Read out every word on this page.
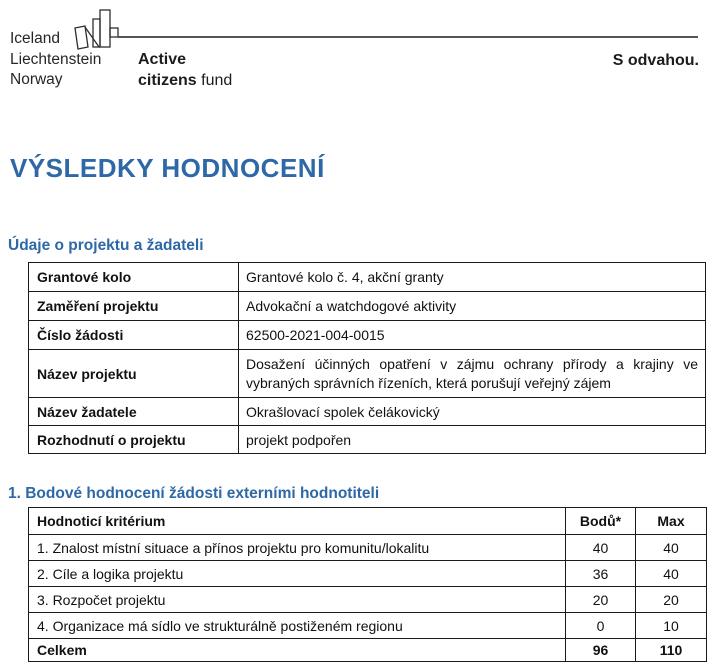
Iceland
Liechtenstein
Norway
Active
citizens fund
S odvahou.
VÝSLEDKY HODNOCENÍ
Údaje o projektu a žadateli
Grantové kolo	Grantové kolo č. 4, akční granty
Zaměření projektu	Advokační a watchdogové aktivity
Číslo žádosti	62500-2021-004-0015
Název projektu	Dosažení účinných opatření v zájmu ochrany přírody a krajiny ve vybraných správních řízeních, která porušují veřejný zájem
Název žadatele	Okrašlovací spolek čelákovický
Rozhodnutí o projektu	projekt podpořen
1. Bodové hodnocení žádosti externími hodnotiteli
Hodnoticí kritérium	Bodů*	Max
1. Znalost místní situace a přínos projektu pro komunitu/lokalitu	40	40
2. Cíle a logika projektu	36	40
3. Rozpočet projektu	20	20
4. Organizace má sídlo ve strukturálně postiženém regionu	0	10
Celkem	96	110
